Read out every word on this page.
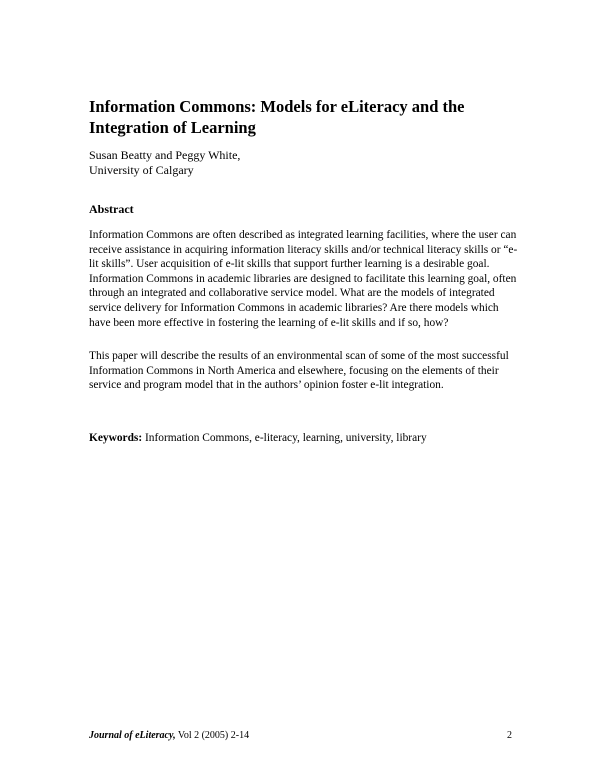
Information Commons: Models for eLiteracy and the Integration of Learning
Susan Beatty and Peggy White,
University of Calgary
Abstract

Information Commons are often described as integrated learning facilities, where the user can receive assistance in acquiring information literacy skills and/or technical literacy skills or “e-lit skills”. User acquisition of e-lit skills that support further learning is a desirable goal. Information Commons in academic libraries are designed to facilitate this learning goal, often through an integrated and collaborative service model. What are the models of integrated service delivery for Information Commons in academic libraries? Are there models which have been more effective in fostering the learning of e-lit skills and if so, how?

This paper will describe the results of an environmental scan of some of the most successful Information Commons in North America and elsewhere, focusing on the elements of their service and program model that in the authors’ opinion foster e-lit integration.

Keywords: Information Commons, e-literacy, learning, university, library

Journal of eLiteracy, Vol 2 (2005) 2-14	2
